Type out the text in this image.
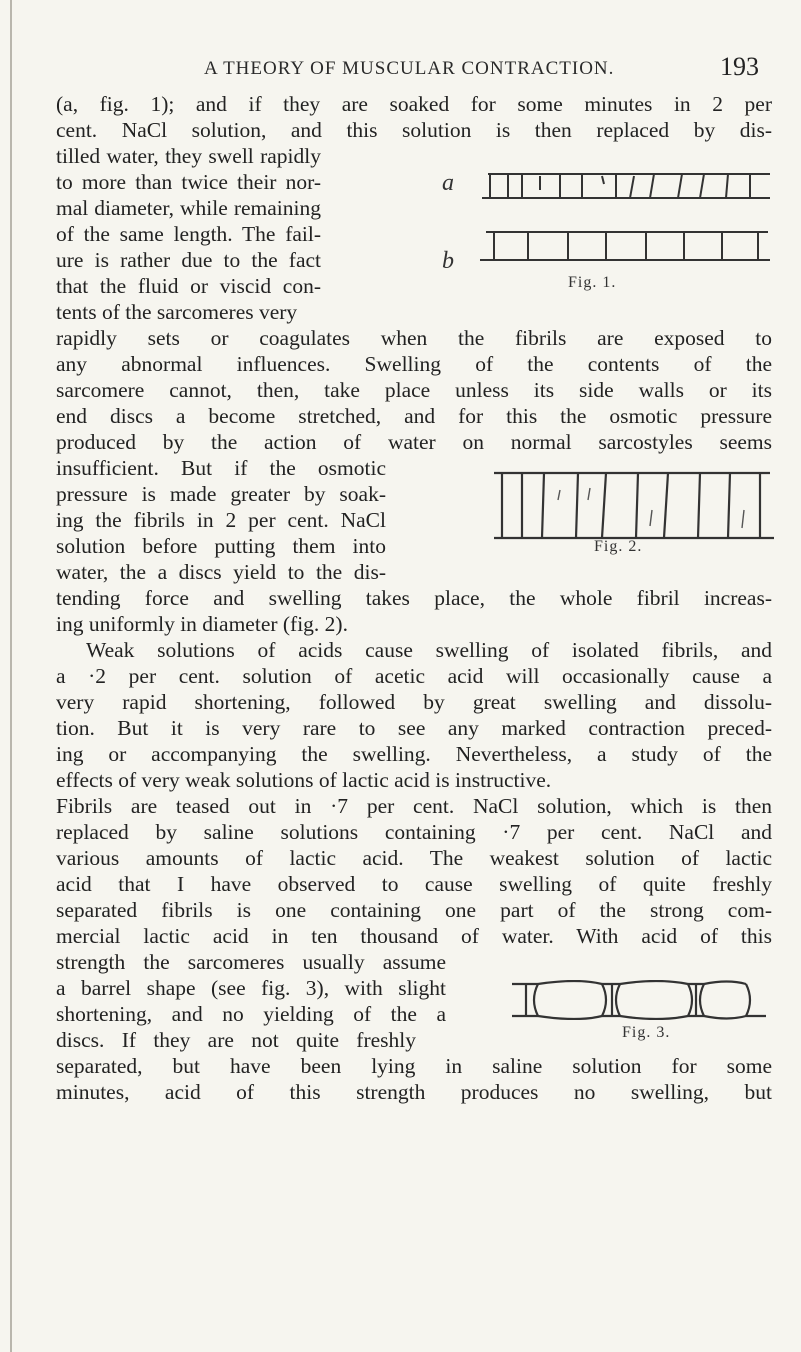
A THEORY OF MUSCULAR CONTRACTION.	193
(a, fig. 1); and if they are soaked for some minutes in 2 per
cent. NaCl solution, and this solution is then replaced by dis-
tilled water, they swell rapidly
to more than twice their nor-
mal diameter, while remaining
of the same length. The fail-
ure is rather due to the fact
that the fluid or viscid con-
tents of the sarcomeres very
rapidly sets or coagulates when the fibrils are exposed to
any abnormal influences. Swelling of the contents of the
sarcomere cannot, then, take place unless its side walls or its
end discs a become stretched, and for this the osmotic pressure
produced by the action of water on normal sarcostyles seems
insufficient. But if the osmotic
pressure is made greater by soak-
ing the fibrils in 2 per cent. NaCl
solution before putting them into
water, the a discs yield to the dis-
tending force and swelling takes place, the whole fibril increas-
ing uniformly in diameter (fig. 2).
Weak solutions of acids cause swelling of isolated fibrils, and
a ·2 per cent. solution of acetic acid will occasionally cause a
very rapid shortening, followed by great swelling and dissolu-
tion. But it is very rare to see any marked contraction preced-
ing or accompanying the swelling. Nevertheless, a study of the
effects of very weak solutions of lactic acid is instructive.
Fibrils are teased out in ·7 per cent. NaCl solution, which is then
replaced by saline solutions containing ·7 per cent. NaCl and
various amounts of lactic acid. The weakest solution of lactic
acid that I have observed to cause swelling of quite freshly
separated fibrils is one containing one part of the strong com-
mercial lactic acid in ten thousand of water. With acid of this
strength the sarcomeres usually assume
a barrel shape (see fig. 3), with slight
shortening, and no yielding of the a
discs. If they are not quite freshly
separated, but have been lying in saline solution for some
minutes, acid of this strength produces no swelling, but
a
b
Fig. 1.
Fig. 2.
Fig. 3.
